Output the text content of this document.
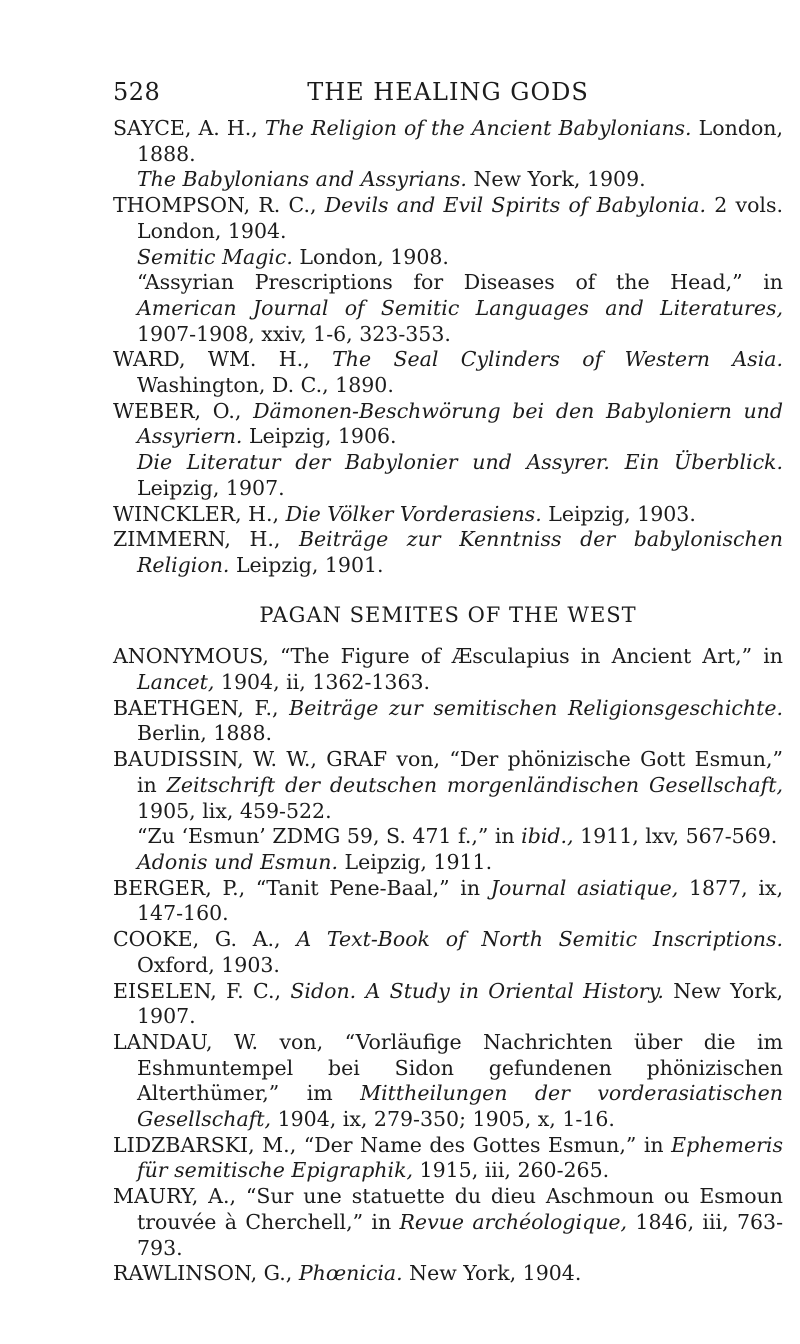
528	THE HEALING GODS
SAYCE, A. H., The Religion of the Ancient Babylonians. London, 1888.
The Babylonians and Assyrians. New York, 1909.
THOMPSON, R. C., Devils and Evil Spirits of Babylonia. 2 vols. London, 1904.
Semitic Magic. London, 1908.
“Assyrian Prescriptions for Diseases of the Head,” in American Journal of Semitic Languages and Literatures, 1907-1908, xxiv, 1-6, 323-353.
WARD, WM. H., The Seal Cylinders of Western Asia. Washington, D. C., 1890.
WEBER, O., Dämonen-Beschwörung bei den Babyloniern und Assyriern. Leipzig, 1906.
Die Literatur der Babylonier und Assyrer. Ein Überblick. Leipzig, 1907.
WINCKLER, H., Die Völker Vorderasiens. Leipzig, 1903.
ZIMMERN, H., Beiträge zur Kenntniss der babylonischen Religion. Leipzig, 1901.
PAGAN SEMITES OF THE WEST
ANONYMOUS, “The Figure of Æsculapius in Ancient Art,” in Lancet, 1904, ii, 1362-1363.
BAETHGEN, F., Beiträge zur semitischen Religionsgeschichte. Berlin, 1888.
BAUDISSIN, W. W., GRAF von, “Der phönizische Gott Esmun,” in Zeitschrift der deutschen morgenländischen Gesellschaft, 1905, lix, 459-522.
“Zu ‘Esmun’ ZDMG 59, S. 471 f.,” in ibid., 1911, lxv, 567-569.
Adonis und Esmun. Leipzig, 1911.
BERGER, P., “Tanit Pene-Baal,” in Journal asiatique, 1877, ix, 147-160.
COOKE, G. A., A Text-Book of North Semitic Inscriptions. Oxford, 1903.
EISELEN, F. C., Sidon. A Study in Oriental History. New York, 1907.
LANDAU, W. von, “Vorläufige Nachrichten über die im Eshmuntempel bei Sidon gefundenen phönizischen Alterthümer,” im Mittheilungen der vorderasiatischen Gesellschaft, 1904, ix, 279-350; 1905, x, 1-16.
LIDZBARSKI, M., “Der Name des Gottes Esmun,” in Ephemeris für semitische Epigraphik, 1915, iii, 260-265.
MAURY, A., “Sur une statuette du dieu Aschmoun ou Esmoun trouvée à Cherchell,” in Revue archéologique, 1846, iii, 763-793.
RAWLINSON, G., Phœnicia. New York, 1904.
